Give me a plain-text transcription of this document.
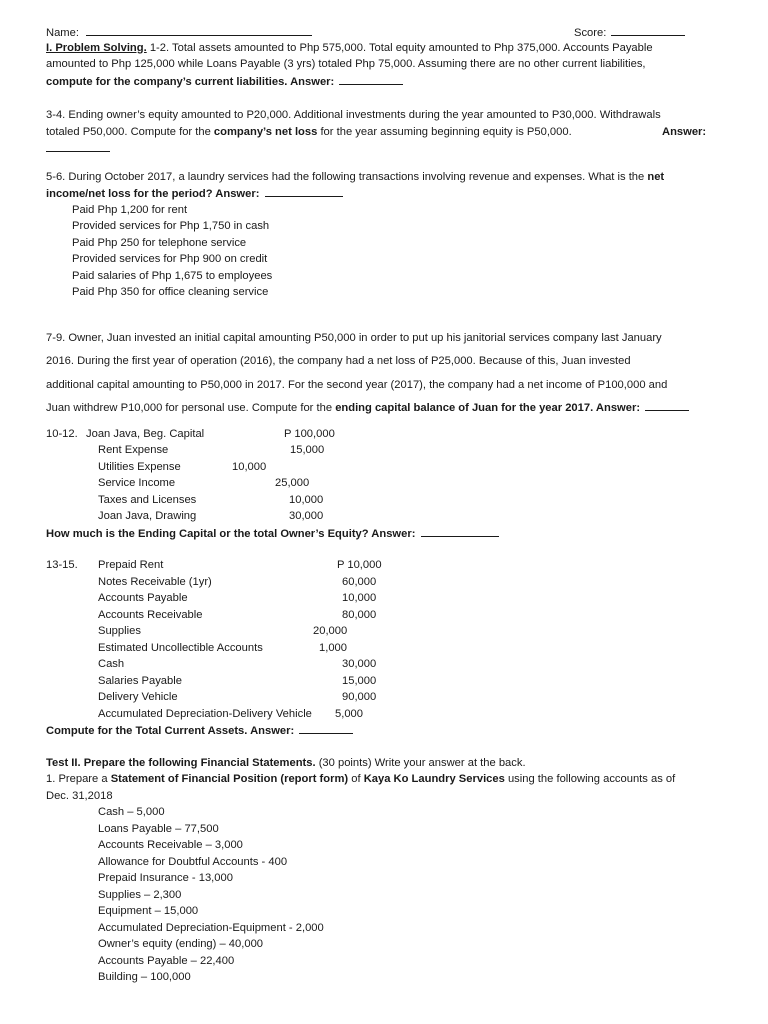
Name:	Score:
I. Problem Solving. 1-2. Total assets amounted to Php 575,000. Total equity amounted to Php 375,000. Accounts Payable
amounted to Php 125,000 while Loans Payable (3 yrs) totaled Php 75,000. Assuming there are no other current liabilities,
compute for the company’s current liabilities. Answer:
3-4. Ending owner’s equity amounted to P20,000. Additional investments during the year amounted to P30,000. Withdrawals
totaled P50,000. Compute for the company’s net loss for the year assuming beginning equity is P50,000.	Answer:
5-6. During October 2017, a laundry services had the following transactions involving revenue and expenses. What is the net
income/net loss for the period? Answer:
Paid Php 1,200 for rent
Provided services for Php 1,750 in cash
Paid Php 250 for telephone service
Provided services for Php 900 on credit
Paid salaries of Php 1,675 to employees
Paid Php 350 for office cleaning service
7-9. Owner, Juan invested an initial capital amounting P50,000 in order to put up his janitorial services company last January
2016. During the first year of operation (2016), the company had a net loss of P25,000. Because of this, Juan invested
additional capital amounting to P50,000 in 2017. For the second year (2017), the company had a net income of P100,000 and
Juan withdrew P10,000 for personal use. Compute for the ending capital balance of Juan for the year 2017. Answer:
10-12. Joan Java, Beg. Capital	P 100,000
Rent Expense	15,000
Utilities Expense	10,000
Service Income	25,000
Taxes and Licenses	10,000
Joan Java, Drawing	30,000
How much is the Ending Capital or the total Owner’s Equity? Answer:
13-15. Prepaid Rent	P 10,000
Notes Receivable (1yr)	60,000
Accounts Payable	10,000
Accounts Receivable	80,000
Supplies	20,000
Estimated Uncollectible Accounts	1,000
Cash	30,000
Salaries Payable	15,000
Delivery Vehicle	90,000
Accumulated Depreciation-Delivery Vehicle 5,000
Compute for the Total Current Assets. Answer:
Test II. Prepare the following Financial Statements. (30 points) Write your answer at the back.
1. Prepare a Statement of Financial Position (report form) of Kaya Ko Laundry Services using the following accounts as of
Dec. 31,2018
Cash – 5,000
Loans Payable – 77,500
Accounts Receivable – 3,000
Allowance for Doubtful Accounts - 400
Prepaid Insurance - 13,000
Supplies – 2,300
Equipment – 15,000
Accumulated Depreciation-Equipment - 2,000
Owner’s equity (ending) – 40,000
Accounts Payable – 22,400
Building – 100,000
